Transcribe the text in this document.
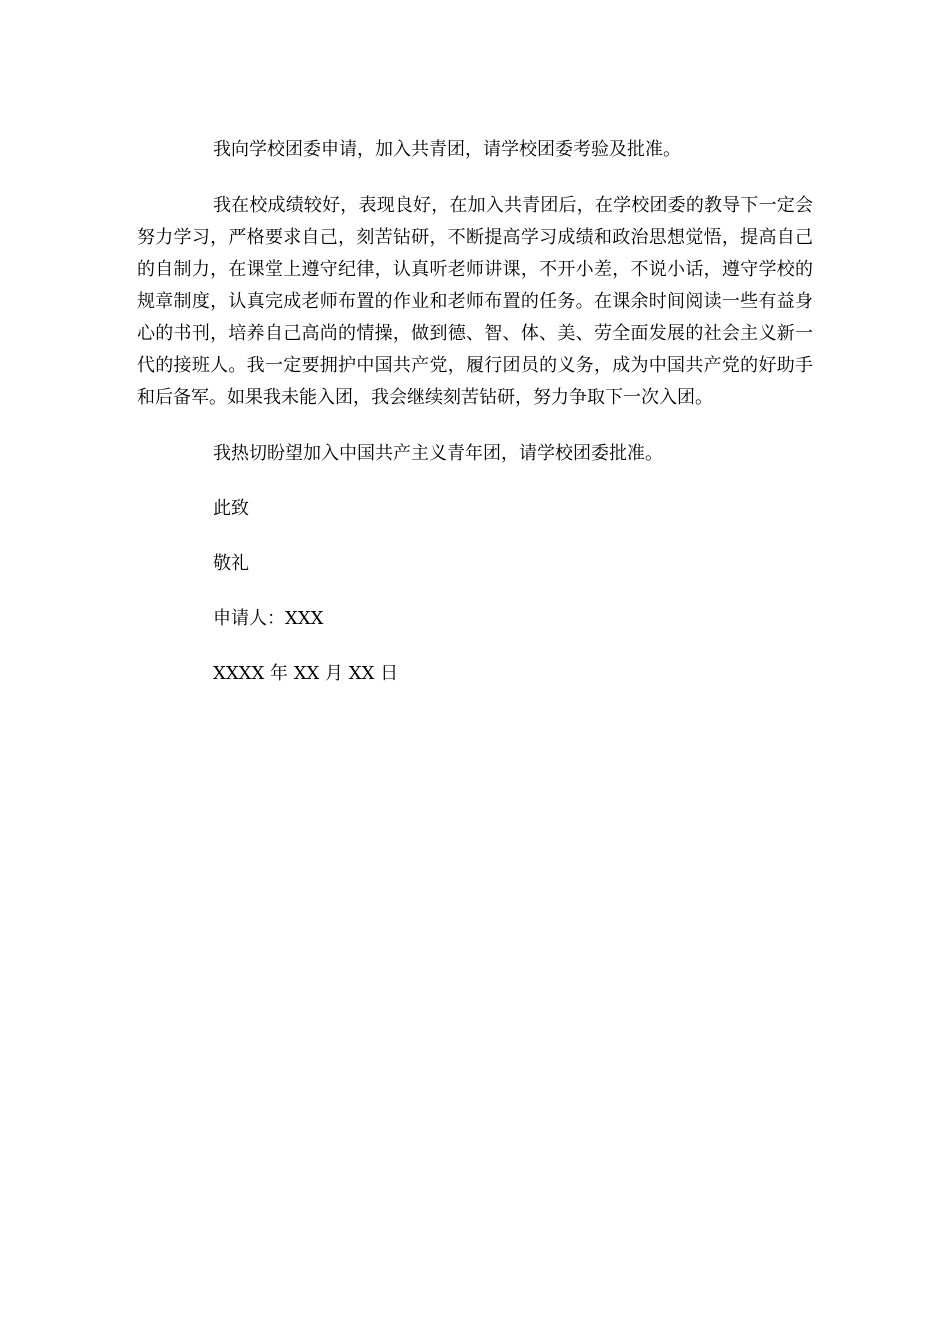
我向学校团委申请，加入共青团，请学校团委考验及批准。

我在校成绩较好，表现良好，在加入共青团后，在学校团委的教导下一定会努力学习，严格要求自己，刻苦钻研，不断提高学习成绩和政治思想觉悟，提高自己的自制力，在课堂上遵守纪律，认真听老师讲课，不开小差，不说小话，遵守学校的规章制度，认真完成老师布置的作业和老师布置的任务。在课余时间阅读一些有益身心的书刊，培养自己高尚的情操，做到德、智、体、美、劳全面发展的社会主义新一代的接班人。我一定要拥护中国共产党，履行团员的义务，成为中国共产党的好助手和后备军。如果我未能入团，我会继续刻苦钻研，努力争取下一次入团。

我热切盼望加入中国共产主义青年团，请学校团委批准。

此致

敬礼

申请人：XXX

XXXX 年 XX 月 XX 日
